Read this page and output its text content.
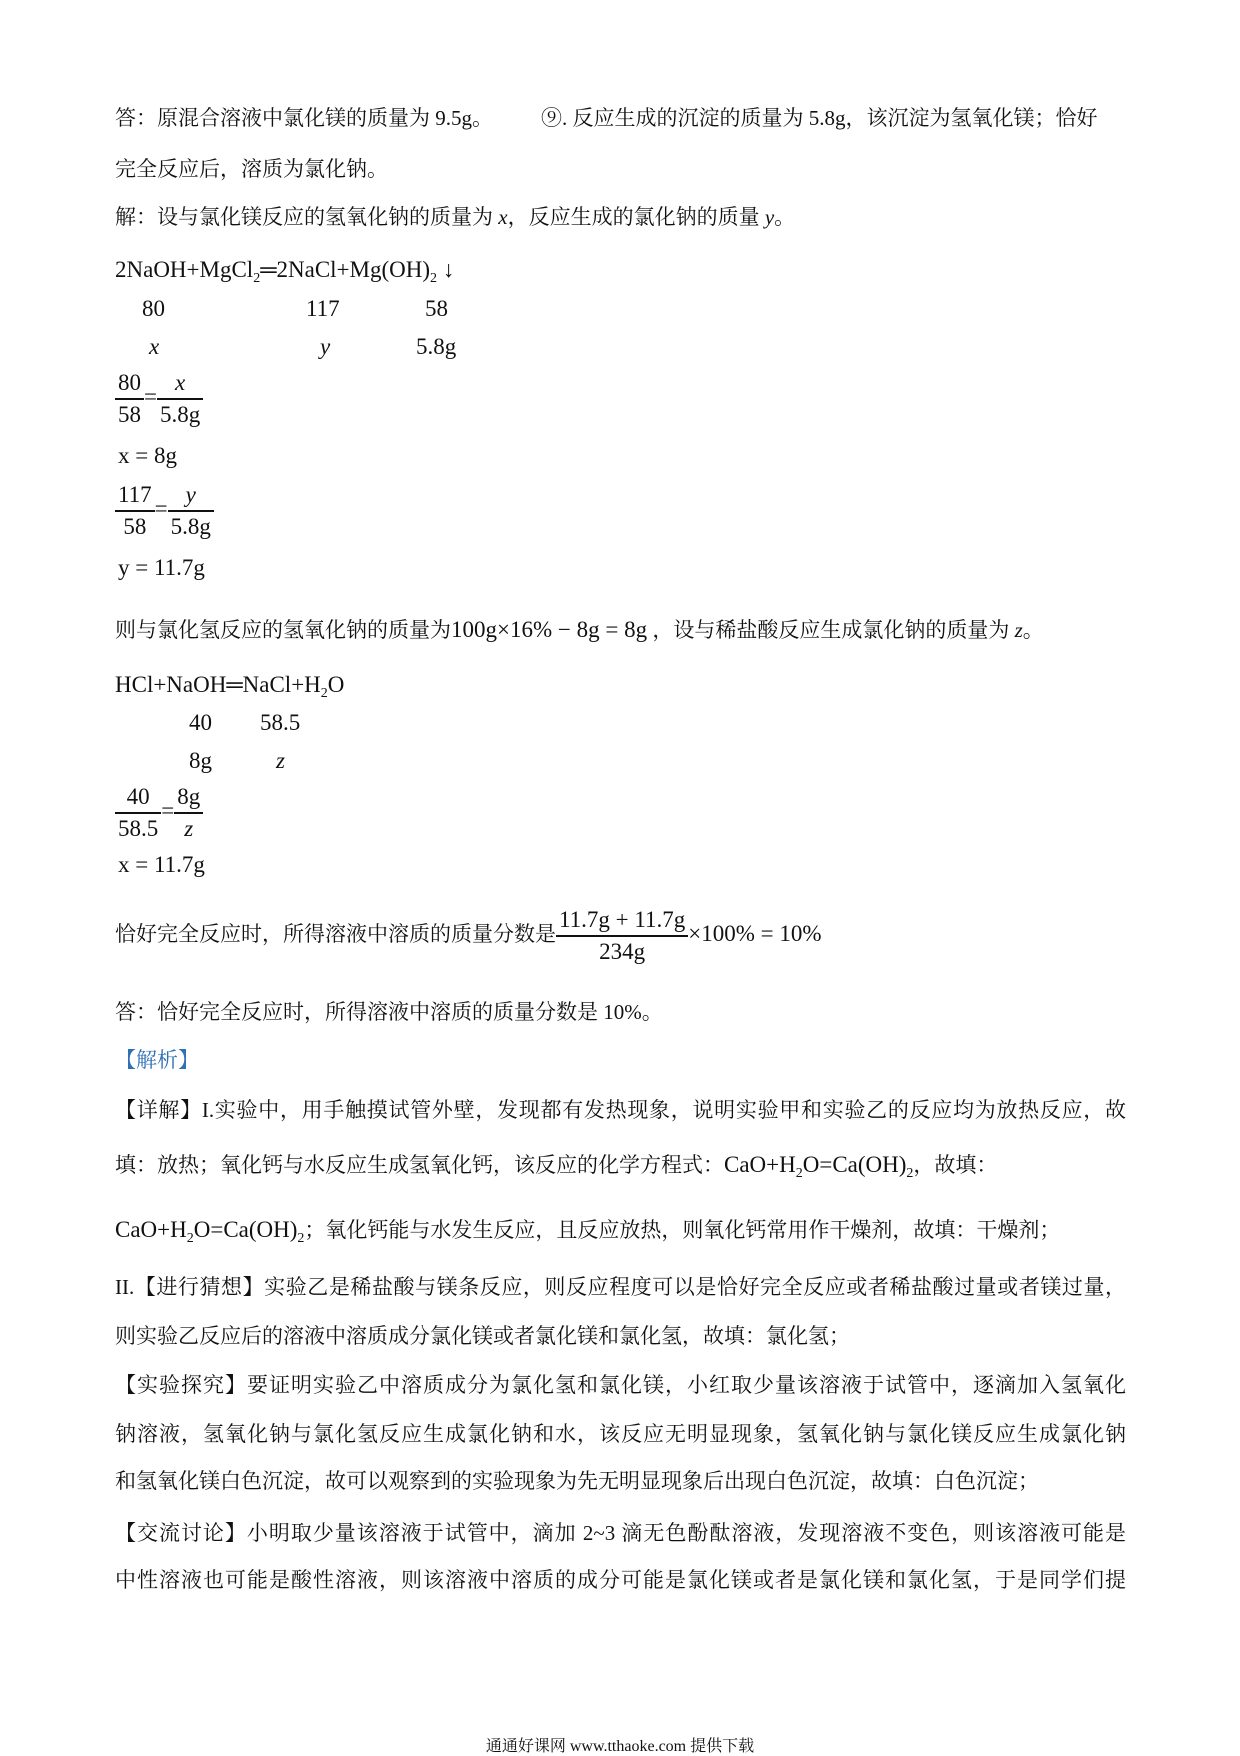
答：原混合溶液中氯化镁的质量为 9.5g。 ⑨. 反应生成的沉淀的质量为 5.8g，该沉淀为氢氧化镁；恰好
完全反应后，溶质为氯化钠。
解：设与氯化镁反应的氢氧化钠的质量为 x，反应生成的氯化钠的质量 y。
$2NaOH+MgCl_2═2NaCl+Mg(OH)_2$ ↓
80	117	58
x	y	5.8g
$\frac{80}{58} = \frac{x}{5.8g}$
x = 8g
$\frac{117}{58} = \frac{y}{5.8g}$
y = 11.7g
则与氯化氢反应的氢氧化钠的质量为100g×16% − 8g = 8g ，设与稀盐酸反应生成氯化钠的质量为 z。
$HCl+NaOH═NaCl+H_2O$
40 58.5
8g	z
$\frac{40}{58.5} = \frac{8g}{z}$
x = 11.7g
恰好完全反应时，所得溶液中溶质的质量分数是 $\frac{11.7g + 11.7g}{234g} \times 100\% = 10\%$
答：恰好完全反应时，所得溶液中溶质的质量分数是 10%。
【解析】
【详解】I.实验中，用手触摸试管外壁，发现都有发热现象，说明实验甲和实验乙的反应均为放热反应，故
填：放热；氧化钙与水反应生成氢氧化钙，该反应的化学方程式：$CaO+H_2O=Ca(OH)_2$，故填：
$CaO+H_2O=Ca(OH)_2$；氧化钙能与水发生反应，且反应放热，则氧化钙常用作干燥剂，故填：干燥剂；
II.【进行猜想】实验乙是稀盐酸与镁条反应，则反应程度可以是恰好完全反应或者稀盐酸过量或者镁过量，
则实验乙反应后的溶液中溶质成分氯化镁或者氯化镁和氯化氢，故填：氯化氢；
【实验探究】要证明实验乙中溶质成分为氯化氢和氯化镁，小红取少量该溶液于试管中，逐滴加入氢氧化
钠溶液，氢氧化钠与氯化氢反应生成氯化钠和水，该反应无明显现象，氢氧化钠与氯化镁反应生成氯化钠
和氢氧化镁白色沉淀，故可以观察到的实验现象为先无明显现象后出现白色沉淀，故填：白色沉淀；
【交流讨论】小明取少量该溶液于试管中，滴加 2~3 滴无色酚酞溶液，发现溶液不变色，则该溶液可能是
中性溶液也可能是酸性溶液，则该溶液中溶质的成分可能是氯化镁或者是氯化镁和氯化氢，于是同学们提
通通好课网 www.tthaoke.com 提供下载
